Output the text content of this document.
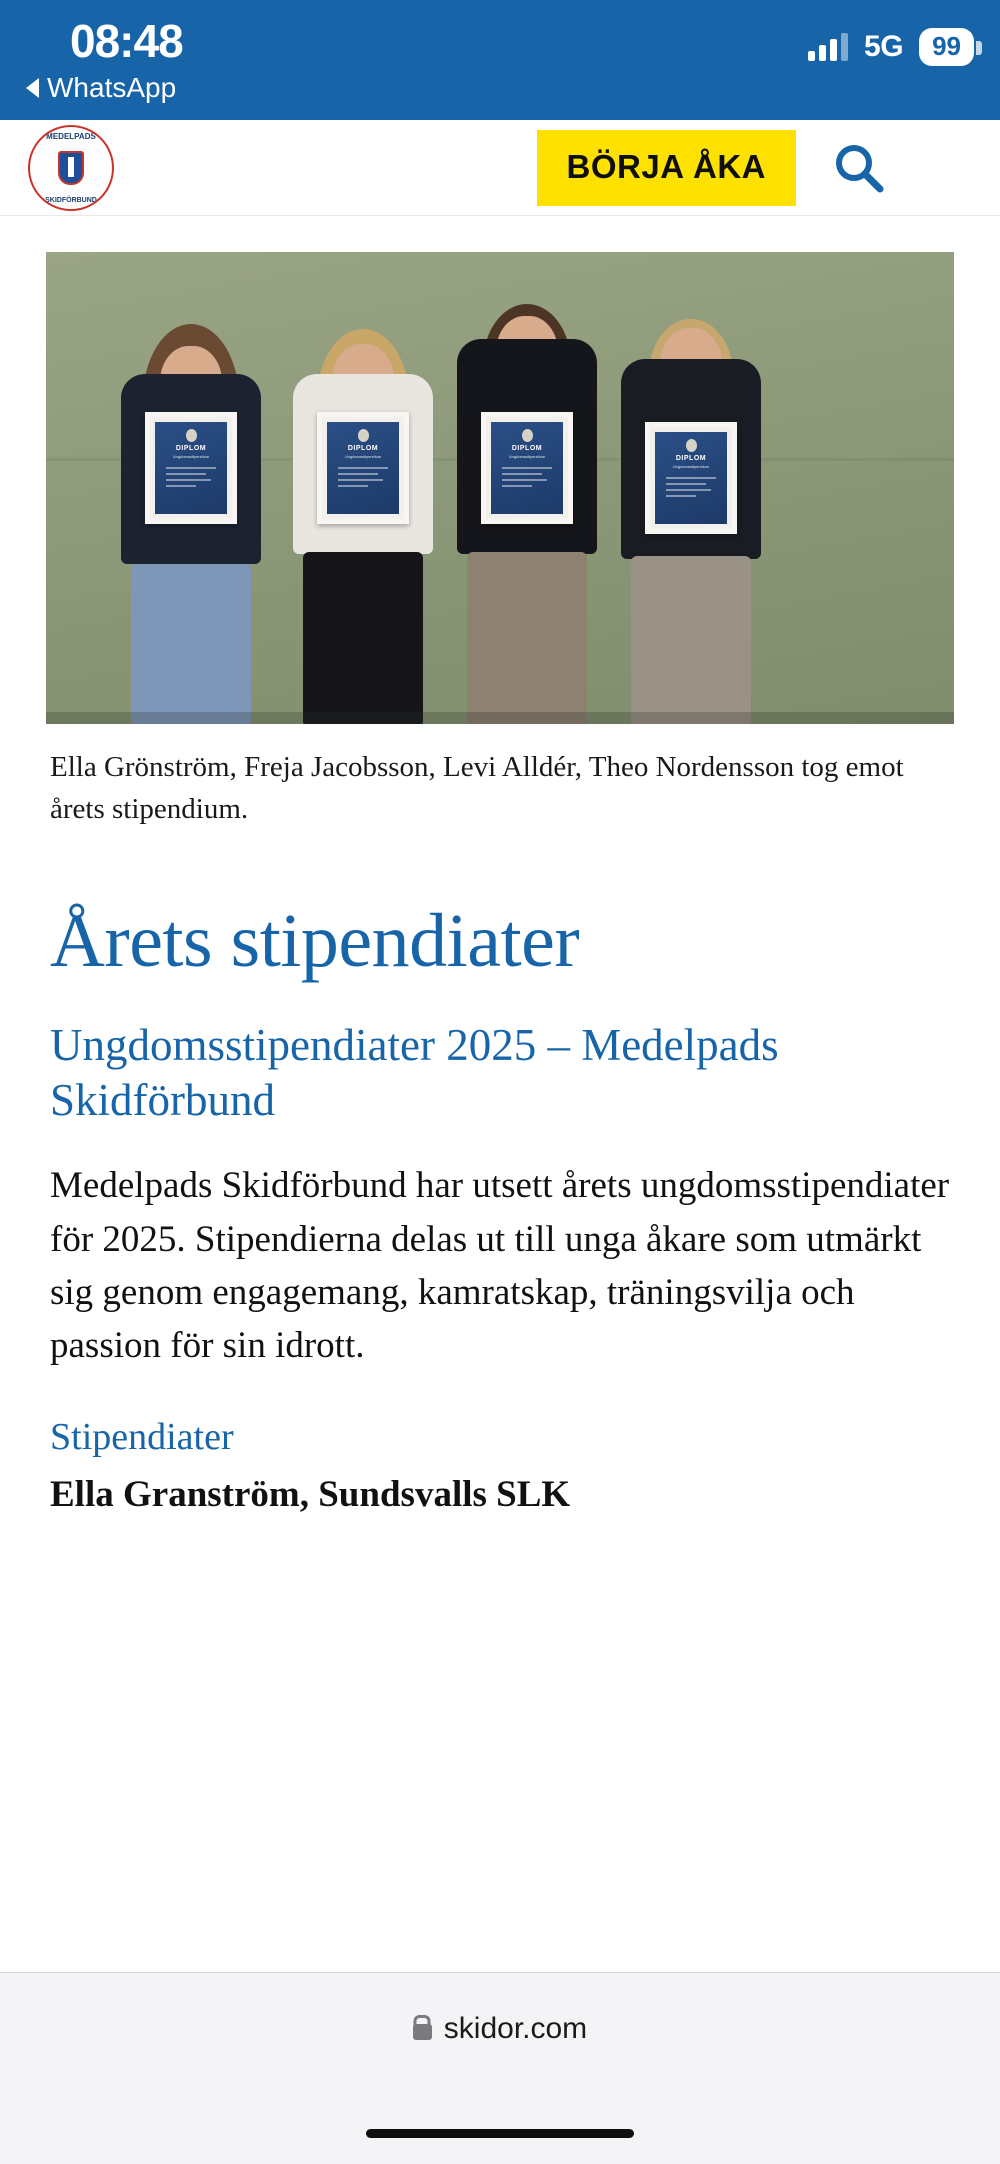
08:48
WhatsApp
5G	99
MEDELPADS
SKIDFÖRBUND
BÖRJA ÅKA
DIPLOM
Ungdomsstipendium
DIPLOM
Ungdomsstipendium
DIPLOM
Ungdomsstipendium	DIPLOM
Ungdomsstipendium
Ella Grönström, Freja Jacobsson, Levi Alldér, Theo Nordensson tog emot årets stipendium.
Årets stipendiater
Ungdomsstipendiater 2025 – Medelpads Skidförbund

Medelpads Skidförbund har utsett årets ungdomsstipendiater för 2025. Stipendierna delas ut till unga åkare som utmärkt sig genom engagemang, kamratskap, träningsvilja och passion för sin idrott.

Stipendiater
Ella Granström, Sundsvalls SLK
skidor.com
